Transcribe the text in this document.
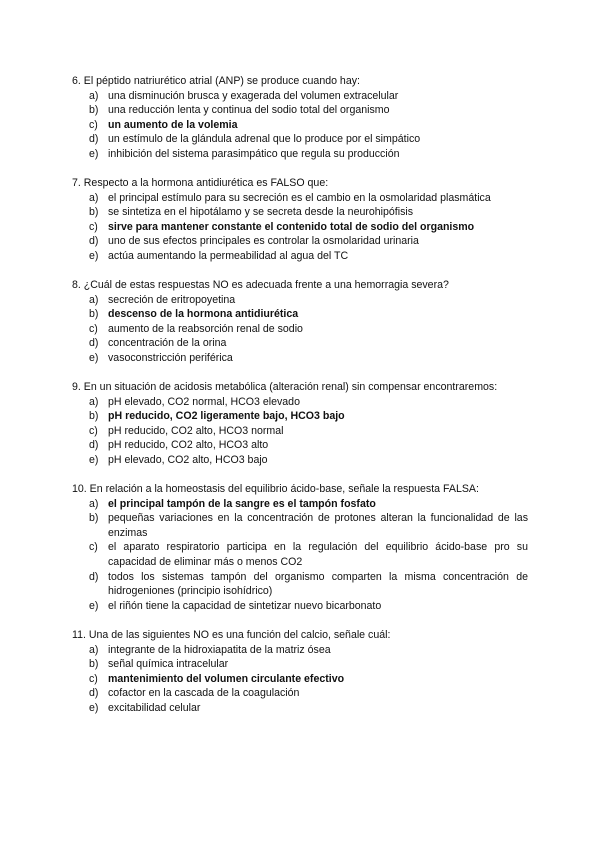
6. El péptido natriurético atrial (ANP) se produce cuando hay:
a) una disminución brusca y exagerada del volumen extracelular
b) una reducción lenta y continua del sodio total del organismo
c) un aumento de la volemia
d) un estímulo de la glándula adrenal que lo produce por el simpático
e) inhibición del sistema parasimpático que regula su producción
7. Respecto a la hormona antidiurética es FALSO que:
a) el principal estímulo para su secreción es el cambio en la osmolaridad plasmática
b) se sintetiza en el hipotálamo y se secreta desde la neurohipófisis
c) sirve para mantener constante el contenido total de sodio del organismo
d) uno de sus efectos principales es controlar la osmolaridad urinaria
e) actúa aumentando la permeabilidad al agua del TC
8. ¿Cuál de estas respuestas NO es adecuada frente a una hemorragia severa?
a) secreción de eritropoyetina
b) descenso de la hormona antidiurética
c) aumento de la reabsorción renal de sodio
d) concentración de la orina
e) vasoconstricción periférica
9. En un situación de acidosis metabólica (alteración renal) sin compensar encontraremos:
a) pH elevado, CO2 normal, HCO3 elevado
b) pH reducido, CO2 ligeramente bajo, HCO3 bajo
c) pH reducido, CO2 alto, HCO3 normal
d) pH reducido, CO2 alto, HCO3 alto
e) pH elevado, CO2 alto, HCO3 bajo
10. En relación a la homeostasis del equilibrio ácido-base, señale la respuesta FALSA:
a) el principal tampón de la sangre es el tampón fosfato
b) pequeñas variaciones en la concentración de protones alteran la funcionalidad de las enzimas
c) el aparato respiratorio participa en la regulación del equilibrio ácido-base pro su capacidad de eliminar más o menos CO2
d) todos los sistemas tampón del organismo comparten la misma concentración de hidrogeniones (principio isohídrico)
e) el riñón tiene la capacidad de sintetizar nuevo bicarbonato
11. Una de las siguientes NO es una función del calcio, señale cuál:
a) integrante de la hidroxiapatita de la matriz ósea
b) señal química intracelular
c) mantenimiento del volumen circulante efectivo
d) cofactor en la cascada de la coagulación
e) excitabilidad celular
